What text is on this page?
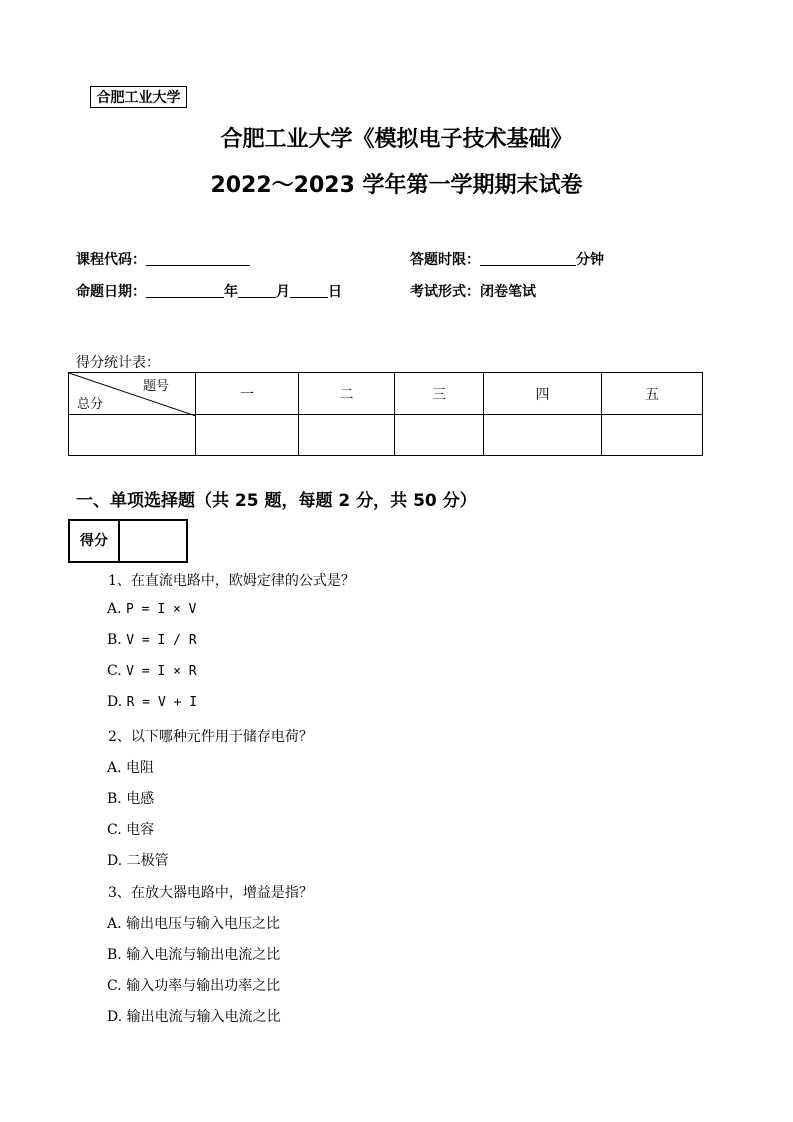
合肥工业大学
合肥工业大学《模拟电子技术基础》
2022～2023 学年第一学期期末试卷
课程代码：	答题时限：	分钟
命题日期：	年	月	日	考试形式：闭卷笔试
得分统计表：
题号
总分	一	二	三	四	五

一、单项选择题（共 25 题，每题 2 分，共 50 分）
得分
1、在直流电路中，欧姆定律的公式是？
A. P = I × V
B. V = I / R
C. V = I × R
D. R = V + I
2、以下哪种元件用于储存电荷？
A. 电阻
B. 电感
C. 电容
D. 二极管
3、在放大器电路中，增益是指？
A. 输出电压与输入电压之比
B. 输入电流与输出电流之比
C. 输入功率与输出功率之比
D. 输出电流与输入电流之比
